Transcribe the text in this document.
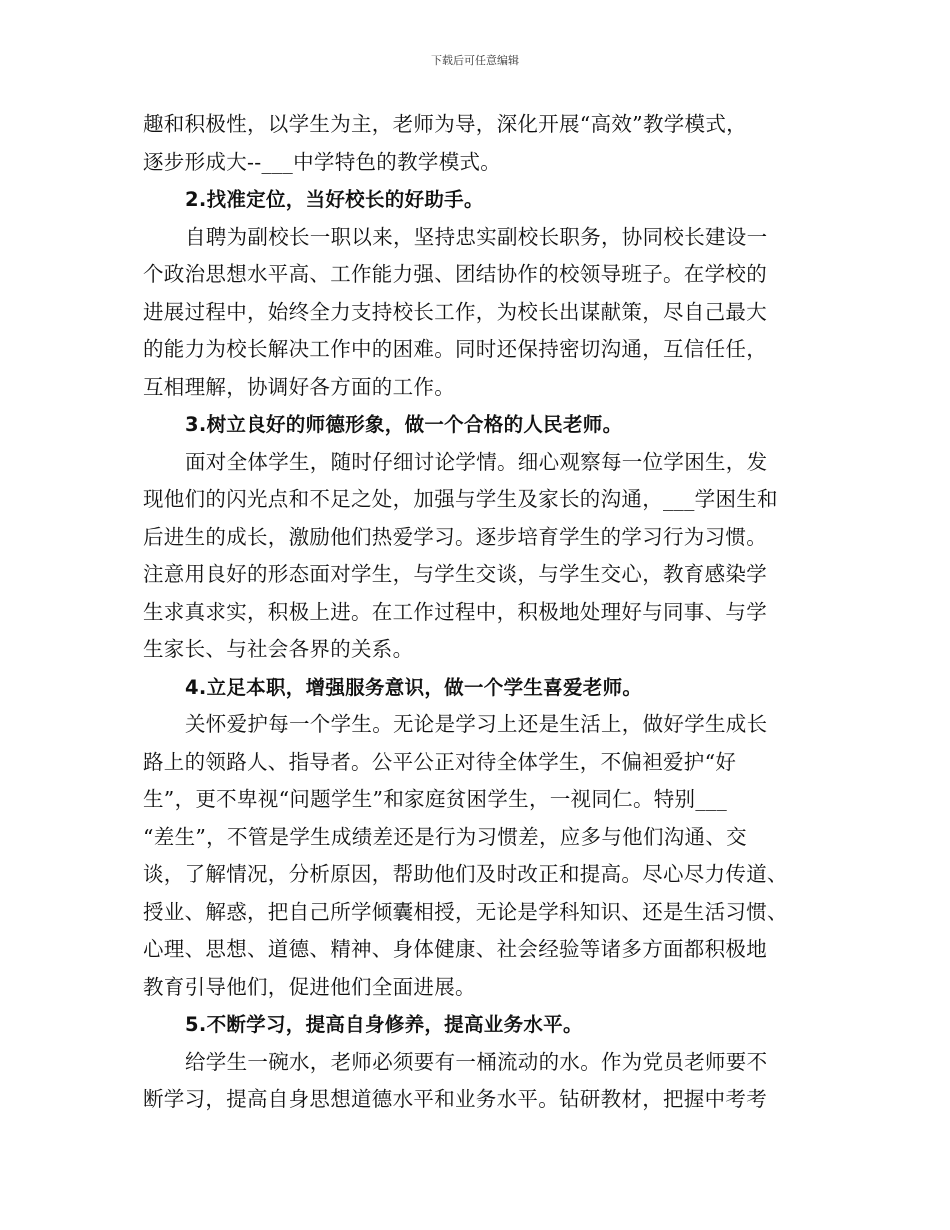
下载后可任意编辑
趣和积极性，以学生为主，老师为导，深化开展“高效”教学模式，
逐步形成大--___中学特色的教学模式。
2.找准定位，当好校长的好助手。
自聘为副校长一职以来，坚持忠实副校长职务，协同校长建设一
个政治思想水平高、工作能力强、团结协作的校领导班子。在学校的
进展过程中，始终全力支持校长工作，为校长出谋献策，尽自己最大
的能力为校长解决工作中的困难。同时还保持密切沟通，互信任任，
互相理解，协调好各方面的工作。
3.树立良好的师德形象，做一个合格的人民老师。
面对全体学生，随时仔细讨论学情。细心观察每一位学困生，发
现他们的闪光点和不足之处，加强与学生及家长的沟通，___学困生和
后进生的成长，激励他们热爱学习。逐步培育学生的学习行为习惯。
注意用良好的形态面对学生，与学生交谈，与学生交心，教育感染学
生求真求实，积极上进。在工作过程中，积极地处理好与同事、与学
生家长、与社会各界的关系。
4.立足本职，增强服务意识，做一个学生喜爱老师。
关怀爱护每一个学生。无论是学习上还是生活上，做好学生成长
路上的领路人、指导者。公平公正对待全体学生，不偏袒爱护“好
生”，更不卑视“问题学生”和家庭贫困学生，一视同仁。特别___
“差生”，不管是学生成绩差还是行为习惯差，应多与他们沟通、交
谈，了解情况，分析原因，帮助他们及时改正和提高。尽心尽力传道、
授业、解惑，把自己所学倾囊相授，无论是学科知识、还是生活习惯、
心理、思想、道德、精神、身体健康、社会经验等诸多方面都积极地
教育引导他们，促进他们全面进展。
5.不断学习，提高自身修养，提高业务水平。
给学生一碗水，老师必须要有一桶流动的水。作为党员老师要不
断学习，提高自身思想道德水平和业务水平。钻研教材，把握中考考
